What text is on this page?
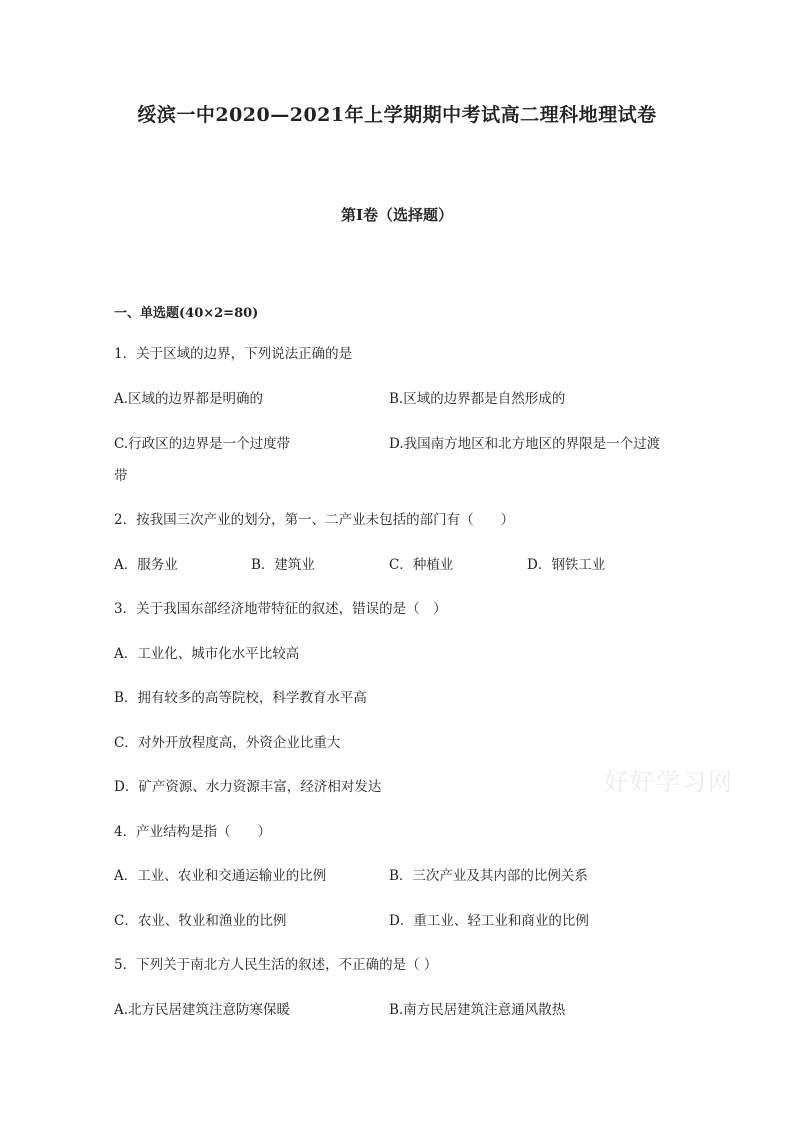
绥滨一中2020—2021年上学期期中考试高二理科地理试卷
第I卷（选择题）
一、单选题(40×2=80)
1．关于区域的边界，下列说法正确的是
A.区域的边界都是明确的	B.区域的边界都是自然形成的
C.行政区的边界是一个过度带	D.我国南方地区和北方地区的界限是一个过渡
带
2．按我国三次产业的划分，第一、二产业未包括的部门有（　　）
A．服务业	B．建筑业	C．种植业	D．钢铁工业
3．关于我国东部经济地带特征的叙述，错误的是（　）
A．工业化、城市化水平比较高
B．拥有较多的高等院校，科学教育水平高
C．对外开放程度高，外资企业比重大
D．矿产资源、水力资源丰富，经济相对发达
4．产业结构是指（　　）
A．工业、农业和交通运输业的比例	B．三次产业及其内部的比例关系
C．农业、牧业和渔业的比例	D．重工业、轻工业和商业的比例
5．下列关于南北方人民生活的叙述，不正确的是（ ）
A.北方民居建筑注意防寒保暖	B.南方民居建筑注意通风散热
好好学习网
